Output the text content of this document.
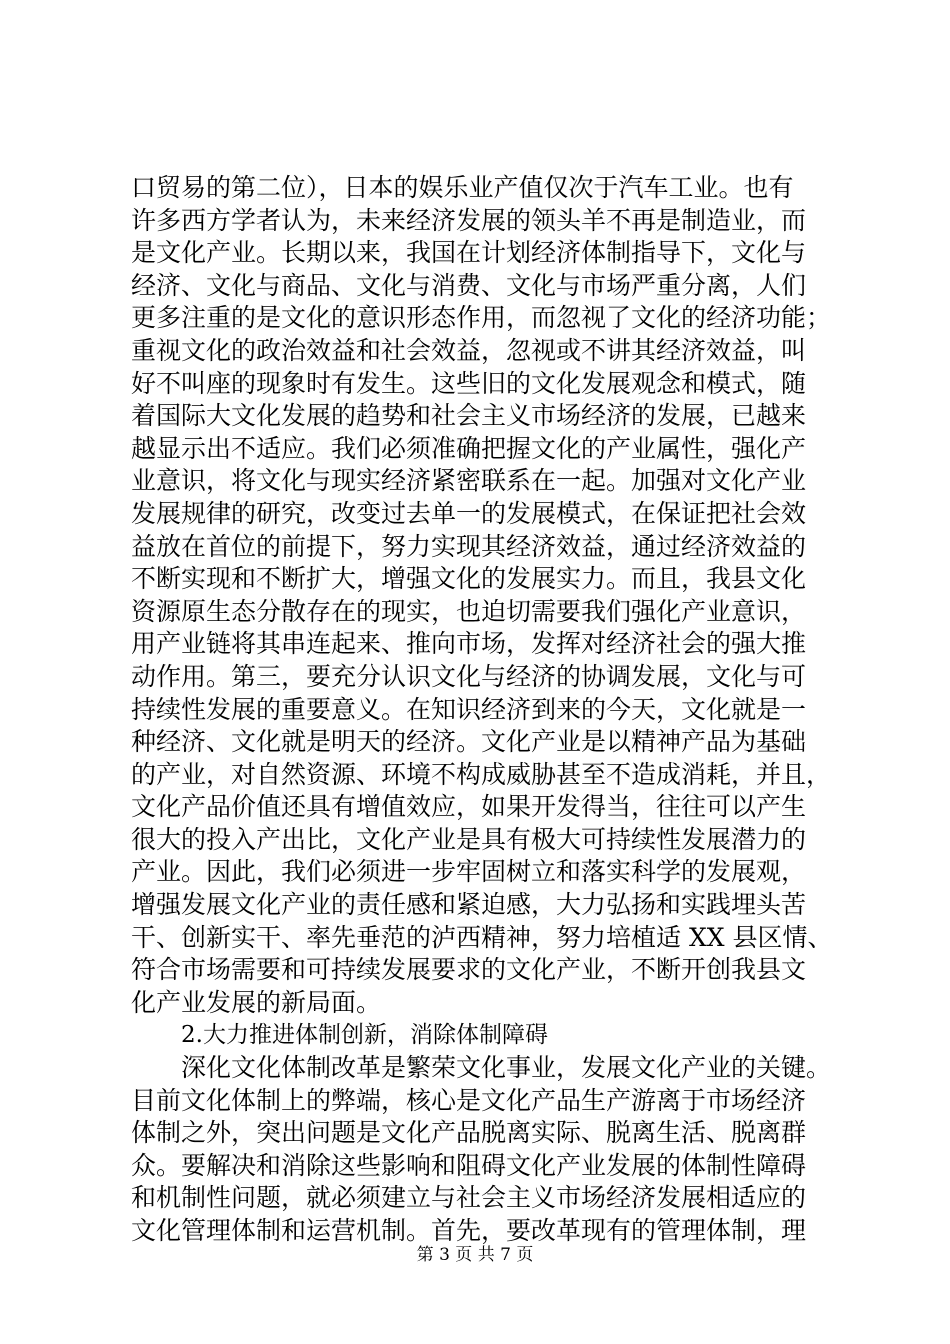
口贸易的第二位），日本的娱乐业产值仅次于汽车工业。也有
许多西方学者认为，未来经济发展的领头羊不再是制造业，而
是文化产业。长期以来，我国在计划经济体制指导下，文化与
经济、文化与商品、文化与消费、文化与市场严重分离，人们
更多注重的是文化的意识形态作用，而忽视了文化的经济功能；
重视文化的政治效益和社会效益，忽视或不讲其经济效益，叫
好不叫座的现象时有发生。这些旧的文化发展观念和模式，随
着国际大文化发展的趋势和社会主义市场经济的发展，已越来
越显示出不适应。我们必须准确把握文化的产业属性，强化产
业意识，将文化与现实经济紧密联系在一起。加强对文化产业
发展规律的研究，改变过去单一的发展模式，在保证把社会效
益放在首位的前提下，努力实现其经济效益，通过经济效益的
不断实现和不断扩大，增强文化的发展实力。而且，我县文化
资源原生态分散存在的现实，也迫切需要我们强化产业意识，
用产业链将其串连起来、推向市场，发挥对经济社会的强大推
动作用。第三，要充分认识文化与经济的协调发展，文化与可
持续性发展的重要意义。在知识经济到来的今天，文化就是一
种经济、文化就是明天的经济。文化产业是以精神产品为基础
的产业，对自然资源、环境不构成威胁甚至不造成消耗，并且，
文化产品价值还具有增值效应，如果开发得当，往往可以产生
很大的投入产出比，文化产业是具有极大可持续性发展潜力的
产业。因此，我们必须进一步牢固树立和落实科学的发展观，
增强发展文化产业的责任感和紧迫感，大力弘扬和实践埋头苦
干、创新实干、率先垂范的泸西精神，努力培植适 XX 县区情、
符合市场需要和可持续发展要求的文化产业，不断开创我县文
化产业发展的新局面。
2.大力推进体制创新，消除体制障碍
深化文化体制改革是繁荣文化事业，发展文化产业的关键。
目前文化体制上的弊端，核心是文化产品生产游离于市场经济
体制之外，突出问题是文化产品脱离实际、脱离生活、脱离群
众。要解决和消除这些影响和阻碍文化产业发展的体制性障碍
和机制性问题，就必须建立与社会主义市场经济发展相适应的
文化管理体制和运营机制。首先，要改革现有的管理体制，理
第 3 页 共 7 页
